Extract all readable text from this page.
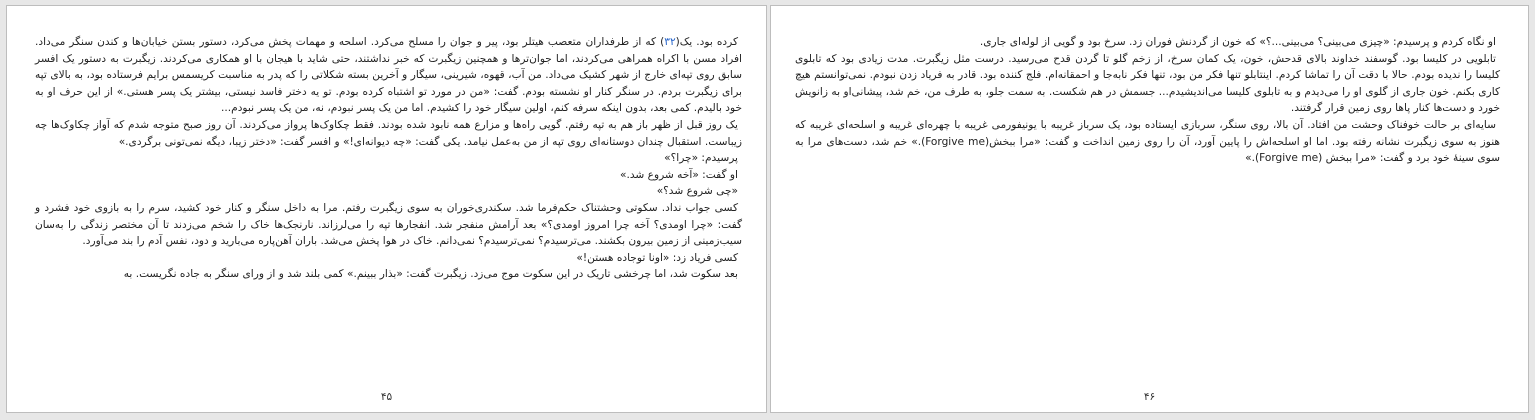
کرده بود. یک(۳۲) که از طرفداران متعصب هیتلر بود، پیر و جوان را مسلح می‌کرد. اسلحه و مهمات پخش می‌کرد، دستور بستن خیابان‌ها و کندن سنگر می‌داد. افراد مسن با اکراه همراهی می‌کردند، اما جوان‌ترها و همچنین زیگبرت که خبر نداشتند، حتی شاید با هیجان با او همکاری می‌کردند. زیگبرت به دستور یک افسر سابق روی تپه‌ای خارج از شهر کشیک می‌داد. من آب، قهوه، شیرینی، سیگار و آخرین بسته شکلاتی را که پدر به مناسبت کریسمس برایم فرستاده بود، به بالای تپه برای زیگبرت بردم. در سنگر کنار او نشسته بودم. گفت: «من در مورد تو اشتباه کرده بودم. تو یه دختر فاسد نیستی، بیشتر یک پسر هستی.» از این حرف او به خود بالیدم. کمی بعد، بدون اینکه سرفه کنم، اولین سیگار خود را کشیدم. اما من یک پسر نبودم، نه، من یک پسر نبودم...

یک روز قبل از ظهر باز هم به تپه رفتم. گویی راه‌ها و مزارع همه نابود شده بودند. فقط چکاوک‌ها پرواز می‌کردند. آن روز صبح متوجه شدم که آواز چکاوک‌ها چه زیباست. استقبال چندان دوستانه‌ای روی تپه از من به‌عمل نیامد. یکی گفت: «چه دیوانه‌ای!» و افسر گفت: «دختر زیبا، دیگه نمی‌تونی برگردی.»

پرسیدم: «چرا؟»

او گفت: «آخه شروع شد.»

«چی شروع شد؟»

کسی جواب نداد. سکوتی وحشتناک حکم‌فرما شد. سکندری‌خوران به سوی زیگبرت رفتم. مرا به داخل سنگر و کنار خود کشید، سرم را به بازوی خود فشرد و گفت: «چرا اومدی؟ آخه چرا امروز اومدی؟» بعد آرامش منفجر شد. انفجارها تپه را می‌لرزاند. نارنجک‌ها خاک را شخم می‌زدند تا آن مختصر زندگی را به‌سان سیب‌زمینی از زمین بیرون بکشند. می‌ترسیدم؟ نمی‌ترسیدم؟ نمی‌دانم. خاک در هوا پخش می‌شد. باران آهن‌پاره می‌بارید و دود، نفس آدم را بند می‌آورد.

کسی فریاد زد: «اونا توجاده هستن!»

بعد سکوت شد، اما چرخشی تاریک در این سکوت موج می‌زد. زیگبرت گفت: «بذار ببینم.» کمی بلند شد و از ورای سنگر به جاده نگریست. به

۴۵

او نگاه کردم و پرسیدم: «چیزی می‌بینی؟ می‌بینی...؟» که خون از گردنش فوران زد. سرخ بود و گویی از لوله‌ای جاری.

تابلویی در کلیسا بود. گوسفند خداوند بالای قدحش، خون، یک کمان سرخ، از زخم گلو تا گردن قدح می‌رسید. درست مثل زیگبرت. مدت زیادی بود که تابلوی کلیسا را ندیده بودم. حالا با دقت آن را تماشا کردم. اینتابلو تنها فکر من بود، تنها فکر نابه‌جا و احمقانه‌ام. فلج کننده بود. قادر به فریاد زدن نبودم. نمی‌توانستم هیچ کاری بکنم. خون جاری از گلوی او را می‌دیدم و به تابلوی کلیسا می‌اندیشیدم... جسمش در هم شکست. به سمت جلو، به طرف من، خم شد، پیشانی‌او به زانویش خورد و دست‌ها کنار پاها روی زمین قرار گرفتند.

سایه‌ای بر حالت خوفناک وحشت من افتاد. آن بالا، روی سنگر، سربازی ایستاده بود، یک سرباز غریبه با یونیفورمی غریبه با چهره‌ای غریبه و اسلحه‌ای غریبه که هنوز به سوی زیگبرت نشانه رفته بود. اما او اسلحه‌اش را پایین آورد، آن را روی زمین انداخت و گفت: «مرا ببخش(Forgive me).» خم شد، دست‌های مرا به سوی سینهٔ خود برد و گفت: «مرا ببخش (Forgive me).»

۴۶
